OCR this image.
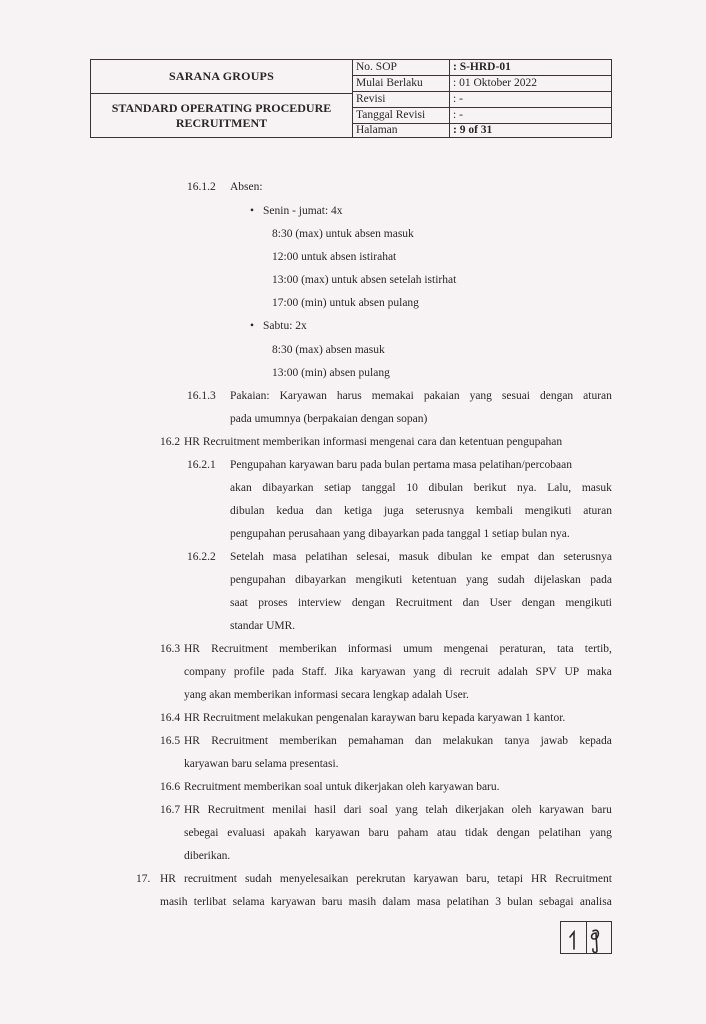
SARANA GROUPS
STANDARD OPERATING PROCEDURE
RECRUITMENT
No. SOP	: S-HRD-01
Mulai Berlaku	: 01 Oktober 2022
Revisi	: -
Tanggal Revisi	: -
Halaman	: 9 of 31
16.1.2 Absen:
• Senin - jumat: 4x
8:30 (max) untuk absen masuk
12:00 untuk absen istirahat
13:00 (max) untuk absen setelah istirhat
17:00 (min) untuk absen pulang
• Sabtu: 2x
8:30 (max) absen masuk
13:00 (min) absen pulang
16.1.3 Pakaian: Karyawan harus memakai pakaian yang sesuai dengan aturan
pada umumnya (berpakaian dengan sopan)
16.2 HR Recruitment memberikan informasi mengenai cara dan ketentuan pengupahan
16.2.1 Pengupahan karyawan baru pada bulan pertama masa pelatihan/percobaan
akan dibayarkan setiap tanggal 10 dibulan berikut nya. Lalu, masuk
dibulan kedua dan ketiga juga seterusnya kembali mengikuti aturan
pengupahan perusahaan yang dibayarkan pada tanggal 1 setiap bulan nya.
16.2.2 Setelah masa pelatihan selesai, masuk dibulan ke empat dan seterusnya
pengupahan dibayarkan mengikuti ketentuan yang sudah dijelaskan pada
saat proses interview dengan Recruitment dan User dengan mengikuti
standar UMR.
16.3 HR Recruitment memberikan informasi umum mengenai peraturan, tata tertib,
company profile pada Staff. Jika karyawan yang di recruit adalah SPV UP maka
yang akan memberikan informasi secara lengkap adalah User.
16.4 HR Recruitment melakukan pengenalan karaywan baru kepada karyawan 1 kantor.
16.5 HR Recruitment memberikan pemahaman dan melakukan tanya jawab kepada
karyawan baru selama presentasi.
16.6 Recruitment memberikan soal untuk dikerjakan oleh karyawan baru.
16.7 HR Recruitment menilai hasil dari soal yang telah dikerjakan oleh karyawan baru
sebegai evaluasi apakah karyawan baru paham atau tidak dengan pelatihan yang
diberikan.
17. HR recruitment sudah menyelesaikan perekrutan karyawan baru, tetapi HR Recruitment
masih terlibat selama karyawan baru masih dalam masa pelatihan 3 bulan sebagai analisa
